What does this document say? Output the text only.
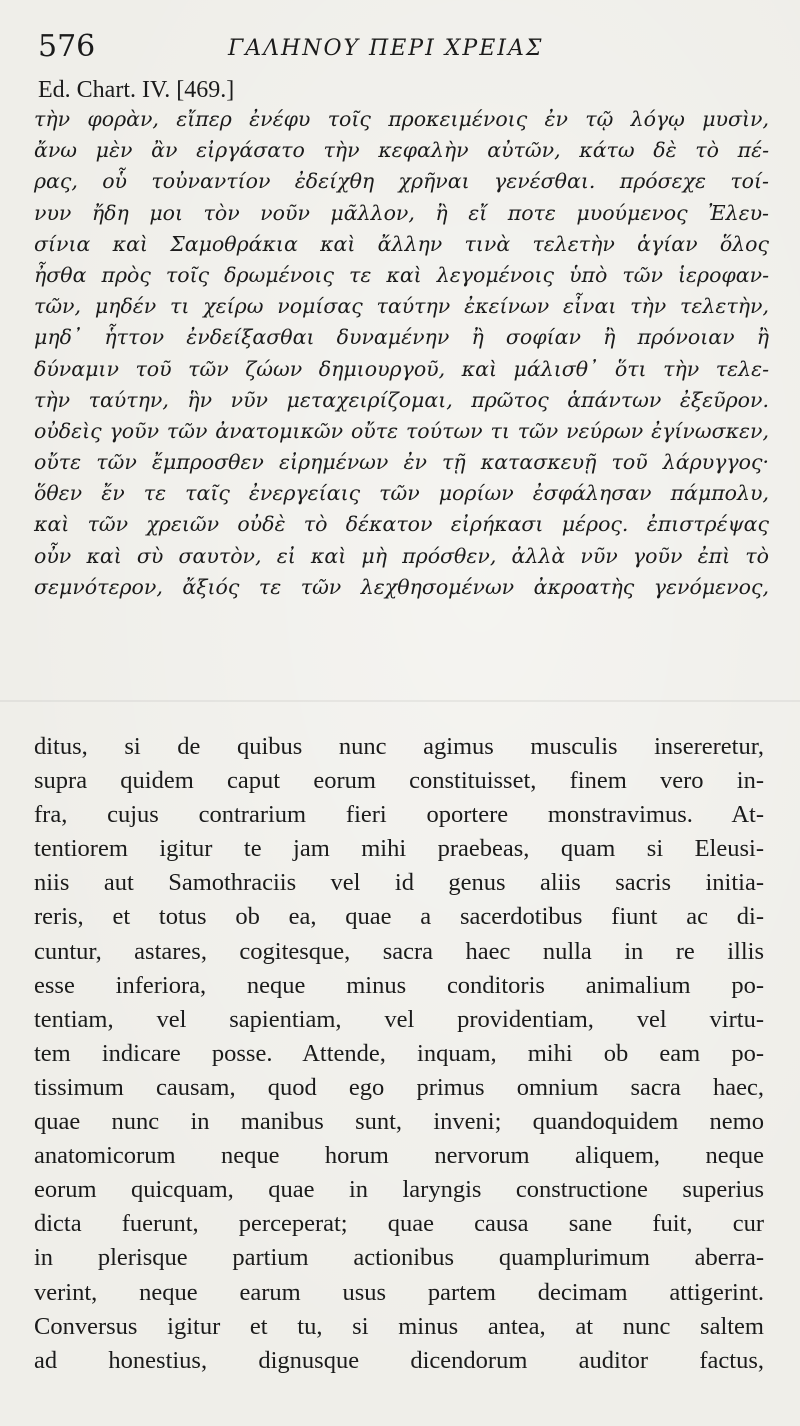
576	ΓΑΛΗΝΟΥ ΠΕΡΙ ΧΡΕΙΑΣ
Ed. Chart. IV. [469.]
τὴν φορὰν, εἴπερ ἐνέφυ τοῖς προκειμένοις ἐν τῷ λόγῳ μυσὶν,
ἄνω μὲν ἂν εἰργάσατο τὴν κεφαλὴν αὐτῶν, κάτω δὲ τὸ πέ-
ρας, οὗ τοὐναντίον ἐδείχθη χρῆναι γενέσθαι. πρόσεχε τοί-
νυν ἤδη μοι τὸν νοῦν μᾶλλον, ἢ εἴ ποτε μυούμενος Ἐλευ-
σίνια καὶ Σαμοθράκια καὶ ἄλλην τινὰ τελετὴν ἁγίαν ὅλος
ἦσθα πρὸς τοῖς δρωμένοις τε καὶ λεγομένοις ὑπὸ τῶν ἱεροφαν-
τῶν, μηδέν τι χείρω νομίσας ταύτην ἐκείνων εἶναι τὴν τελετὴν,
μηδ᾽ ἧττον ἐνδείξασθαι δυναμένην ἢ σοφίαν ἢ πρόνοιαν ἢ
δύναμιν τοῦ τῶν ζώων δημιουργοῦ, καὶ μάλισθ᾽ ὅτι τὴν τελε-
τὴν ταύτην, ἣν νῦν μεταχειρίζομαι, πρῶτος ἁπάντων ἐξεῦρον.
οὐδεὶς γοῦν τῶν ἀνατομικῶν οὔτε τούτων τι τῶν νεύρων ἐγίνωσκεν,
οὔτε τῶν ἔμπροσθεν εἰρημένων ἐν τῇ κατασκευῇ τοῦ λάρυγγος·
ὅθεν ἔν τε ταῖς ἐνεργείαις τῶν μορίων ἐσφάλησαν πάμπολυ,
καὶ τῶν χρειῶν οὐδὲ τὸ δέκατον εἰρήκασι μέρος. ἐπιστρέψας
οὖν καὶ σὺ σαυτὸν, εἰ καὶ μὴ πρόσθεν, ἀλλὰ νῦν γοῦν ἐπὶ τὸ
σεμνότερον, ἄξιός τε τῶν λεχθησομένων ἀκροατὴς γενόμενος,
ditus, si de quibus nunc agimus musculis insereretur,
supra quidem caput eorum constituisset, finem vero in-
fra, cujus contrarium fieri oportere monstravimus. At-
tentiorem igitur te jam mihi praebeas, quam si Eleusi-
niis aut Samothraciis vel id genus aliis sacris initia-
reris, et totus ob ea, quae a sacerdotibus fiunt ac di-
cuntur, astares, cogitesque, sacra haec nulla in re illis
esse inferiora, neque minus conditoris animalium po-
tentiam, vel sapientiam, vel providentiam, vel virtu-
tem indicare posse. Attende, inquam, mihi ob eam po-
tissimum causam, quod ego primus omnium sacra haec,
quae nunc in manibus sunt, inveni; quandoquidem nemo
anatomicorum neque horum nervorum aliquem, neque
eorum quicquam, quae in laryngis constructione superius
dicta fuerunt, perceperat; quae causa sane fuit, cur
in plerisque partium actionibus quamplurimum aberra-
verint, neque earum usus partem decimam attigerint.
Conversus igitur et tu, si minus antea, at nunc saltem
ad honestius, dignusque dicendorum auditor factus,
